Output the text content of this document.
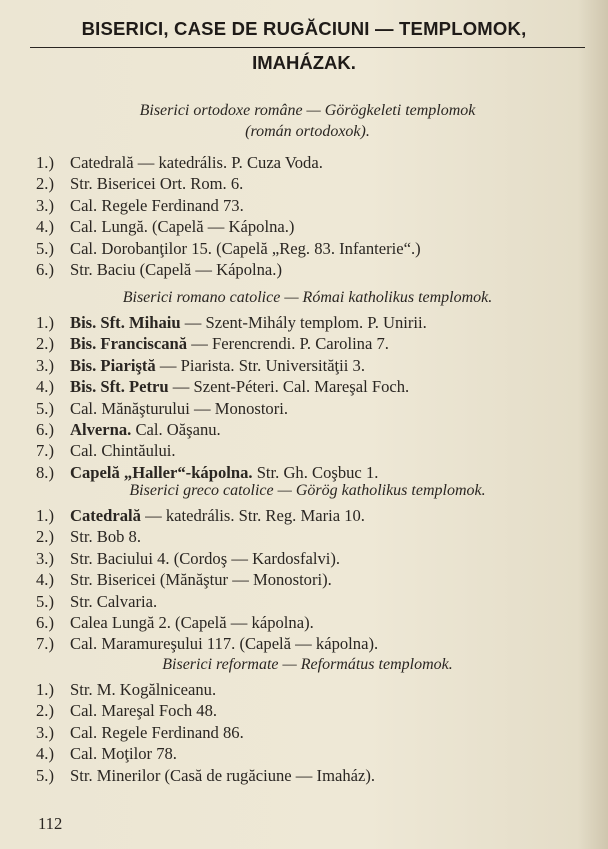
BISERICI, CASE DE RUGĂCIUNI — TEMPLOMOK,
IMAHÁZAK.
Biserici ortodoxe române — Görögkeleti templomok
(román ortodoxok).
1.) Catedrală — katedrális. P. Cuza Voda.
2.) Str. Bisericei Ort. Rom. 6.
3.) Cal. Regele Ferdinand 73.
4.) Cal. Lungă. (Capelă — Kápolna.)
5.) Cal. Dorobanţilor 15. (Capelă „Reg. 83. Infanterie“.)
6.) Str. Baciu (Capelă — Kápolna.)
Biserici romano catolice — Római katholikus templomok.
1.) Bis. Sft. Mihaiu — Szent-Mihály templom. P. Unirii.
2.) Bis. Franciscană — Ferencrendi. P. Carolina 7.
3.) Bis. Piariştă — Piarista. Str. Universităţii 3.
4.) Bis. Sft. Petru — Szent-Péteri. Cal. Mareşal Foch.
5.) Cal. Mănăşturului — Monostori.
6.) Alverna. Cal. Oăşanu.
7.) Cal. Chintăului.
8.) Capelă „Haller“-kápolna. Str. Gh. Coşbuc 1.
Biserici greco catolice — Görög katholikus templomok.
1.) Catedrală — katedrális. Str. Reg. Maria 10.
2.) Str. Bob 8.
3.) Str. Baciului 4. (Cordoş — Kardosfalvi).
4.) Str. Bisericei (Mănăştur — Monostori).
5.) Str. Calvaria.
6.) Calea Lungă 2. (Capelă — kápolna).
7.) Cal. Maramureşului 117. (Capelă — kápolna).
Biserici reformate — Református templomok.
1.) Str. M. Kogălniceanu.
2.) Cal. Mareşal Foch 48.
3.) Cal. Regele Ferdinand 86.
4.) Cal. Moţilor 78.
5.) Str. Minerilor (Casă de rugăciune — Imaház).
112
